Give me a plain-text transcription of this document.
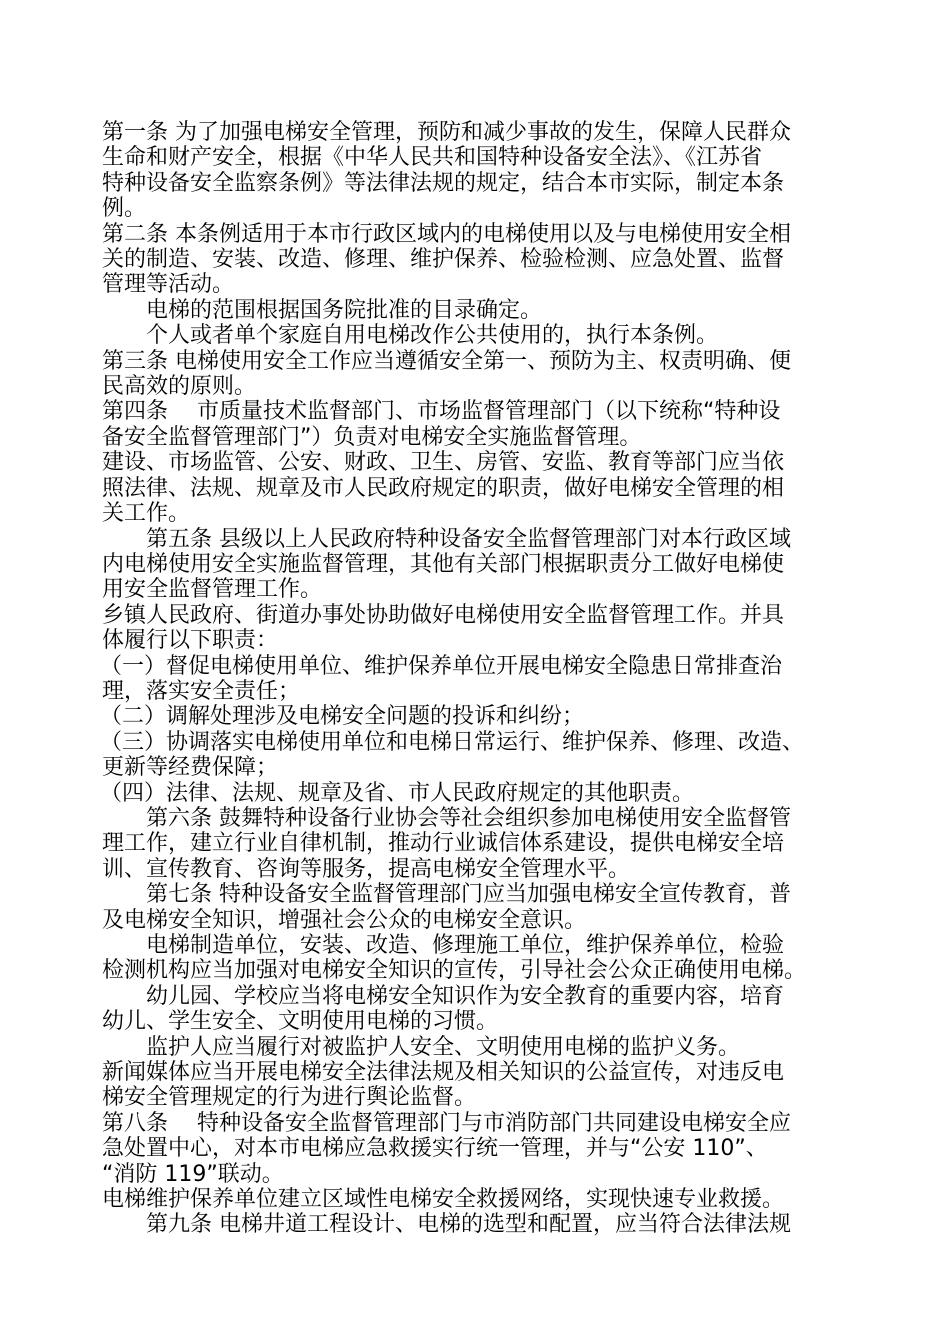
第一条 为了加强电梯安全管理，预防和减少事故的发生，保障人民群众

生命和财产安全，根据《中华人民共和国特种设备安全法》、《江苏省

特种设备安全监察条例》等法律法规的规定，结合本市实际，制定本条

例。

第二条 本条例适用于本市行政区域内的电梯使用以及与电梯使用安全相

关的制造、安装、改造、修理、维护保养、检验检测、应急处置、监督

管理等活动。

电梯的范围根据国务院批准的目录确定。

个人或者单个家庭自用电梯改作公共使用的，执行本条例。

第三条 电梯使用安全工作应当遵循安全第一、预防为主、权责明确、便

民高效的原则。

第四条　 市质量技术监督部门、市场监督管理部门（以下统称“特种设

备安全监督管理部门”）负责对电梯安全实施监督管理。

建设、市场监管、公安、财政、卫生、房管、安监、教育等部门应当依

照法律、法规、规章及市人民政府规定的职责，做好电梯安全管理的相

关工作。

第五条 县级以上人民政府特种设备安全监督管理部门对本行政区域

内电梯使用安全实施监督管理，其他有关部门根据职责分工做好电梯使

用安全监督管理工作。

乡镇人民政府、街道办事处协助做好电梯使用安全监督管理工作。并具

体履行以下职责：

（一）督促电梯使用单位、维护保养单位开展电梯安全隐患日常排查治

理，落实安全责任；

（二）调解处理涉及电梯安全问题的投诉和纠纷；

（三）协调落实电梯使用单位和电梯日常运行、维护保养、修理、改造、

更新等经费保障；

（四）法律、法规、规章及省、市人民政府规定的其他职责。

第六条 鼓舞特种设备行业协会等社会组织参加电梯使用安全监督管

理工作，建立行业自律机制，推动行业诚信体系建设，提供电梯安全培

训、宣传教育、咨询等服务，提高电梯安全管理水平。

第七条 特种设备安全监督管理部门应当加强电梯安全宣传教育，普

及电梯安全知识，增强社会公众的电梯安全意识。

电梯制造单位，安装、改造、修理施工单位，维护保养单位，检验

检测机构应当加强对电梯安全知识的宣传，引导社会公众正确使用电梯。

幼儿园、学校应当将电梯安全知识作为安全教育的重要内容，培育

幼儿、学生安全、文明使用电梯的习惯。

监护人应当履行对被监护人安全、文明使用电梯的监护义务。

新闻媒体应当开展电梯安全法律法规及相关知识的公益宣传，对违反电

梯安全管理规定的行为进行舆论监督。

第八条　 特种设备安全监督管理部门与市消防部门共同建设电梯安全应

急处置中心，对本市电梯应急救援实行统一管理，并与“公安 110”、

“消防 119”联动。

电梯维护保养单位建立区域性电梯安全救援网络，实现快速专业救援。

第九条 电梯井道工程设计、电梯的选型和配置，应当符合法律法规
